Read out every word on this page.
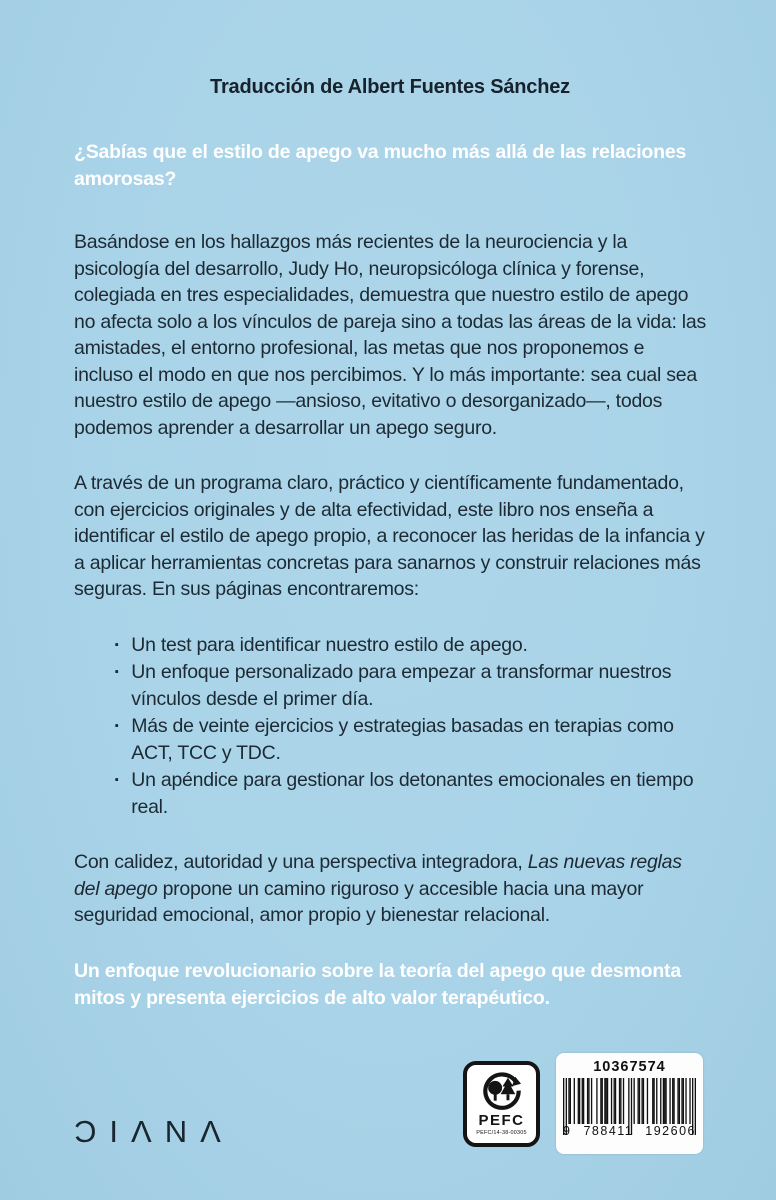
Traducción de Albert Fuentes Sánchez

¿Sabías que el estilo de apego va mucho más allá de las relaciones amorosas?

Basándose en los hallazgos más recientes de la neurociencia y la psicología del desarrollo, Judy Ho, neuropsicóloga clínica y forense, colegiada en tres especialidades, demuestra que nuestro estilo de apego no afecta solo a los vínculos de pareja sino a todas las áreas de la vida: las amistades, el entorno profesional, las metas que nos proponemos e incluso el modo en que nos percibimos. Y lo más importante: sea cual sea nuestro estilo de apego —ansioso, evitativo o desorganizado—, todos podemos aprender a desarrollar un apego seguro.

A través de un programa claro, práctico y científicamente fundamentado, con ejercicios originales y de alta efectividad, este libro nos enseña a identificar el estilo de apego propio, a reconocer las heridas de la infancia y a aplicar herramientas concretas para sanarnos y construir relaciones más seguras. En sus páginas encontraremos:

· Un test para identificar nuestro estilo de apego.
· Un enfoque personalizado para empezar a transformar nuestros vínculos desde el primer día.
· Más de veinte ejercicios y estrategias basadas en terapias como ACT, TCC y TDC.
· Un apéndice para gestionar los detonantes emocionales en tiempo real.

Con calidez, autoridad y una perspectiva integradora, Las nuevas reglas del apego propone un camino riguroso y accesible hacia una mayor seguridad emocional, amor propio y bienestar relacional.

Un enfoque revolucionario sobre la teoría del apego que desmonta mitos y presenta ejercicios de alto valor terapéutico.

ƆIΛNΛ	PEFC
PEFC/14-38-00305
10367574
9 788411 192606
